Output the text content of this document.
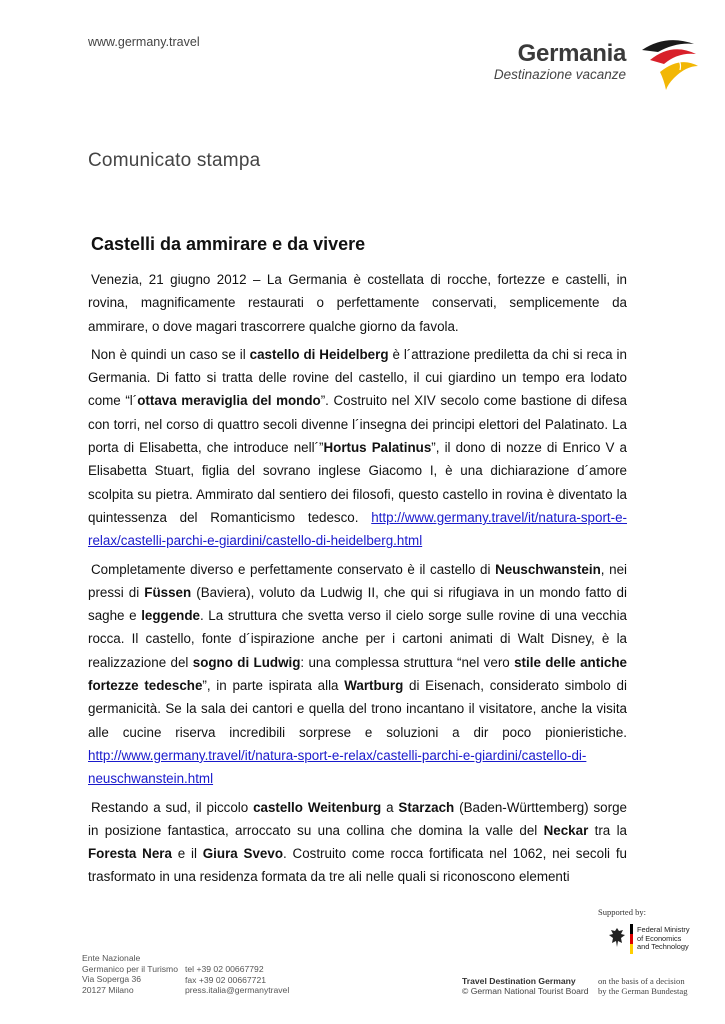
www.germany.travel	Germania
Destinazione vacanze
Comunicato stampa
Castelli da ammirare e da vivere

Venezia, 21 giugno 2012 – La Germania è costellata di rocche, fortezze e castelli, in rovina, magnificamente restaurati o perfettamente conservati, semplicemente da ammirare, o dove magari trascorrere qualche giorno da favola.

Non è quindi un caso se il castello di Heidelberg è l´attrazione prediletta da chi si reca in Germania. Di fatto si tratta delle rovine del castello, il cui giardino un tempo era lodato come “l´ottava meraviglia del mondo”. Costruito nel XIV secolo come bastione di difesa con torri, nel corso di quattro secoli divenne l´insegna dei principi elettori del Palatinato. La porta di Elisabetta, che introduce nell´”Hortus Palatinus”, il dono di nozze di Enrico V a Elisabetta Stuart, figlia del sovrano inglese Giacomo I, è una dichiarazione d´amore scolpita su pietra. Ammirato dal sentiero dei filosofi, questo castello in rovina è diventato la quintessenza del Romanticismo tedesco. http://www.germany.travel/it/natura-sport-e-relax/castelli-parchi-e-giardini/castello-di-heidelberg.html

Completamente diverso e perfettamente conservato è il castello di Neuschwanstein, nei pressi di Füssen (Baviera), voluto da Ludwig II, che qui si rifugiava in un mondo fatto di saghe e leggende. La struttura che svetta verso il cielo sorge sulle rovine di una vecchia rocca. Il castello, fonte d´ispirazione anche per i cartoni animati di Walt Disney, è la realizzazione del sogno di Ludwig: una complessa struttura “nel vero stile delle antiche fortezze tedesche”, in parte ispirata alla Wartburg di Eisenach, considerato simbolo di germanicità. Se la sala dei cantori e quella del trono incantano il visitatore, anche la visita alle cucine riserva incredibili sorprese e soluzioni a dir poco pionieristiche. http://www.germany.travel/it/natura-sport-e-relax/castelli-parchi-e-giardini/castello-di-neuschwanstein.html

Restando a sud, il piccolo castello Weitenburg a Starzach (Baden-Württemberg) sorge in posizione fantastica, arroccato su una collina che domina la valle del Neckar tra la Foresta Nera e il Giura Svevo. Costruito come rocca fortificata nel 1062, nei secoli fu trasformato in una residenza formata da tre ali nelle quali si riconoscono elementi

Supported by:
Federal Ministry
of Economics
and Technology
Ente Nazionale
Germanico per il Turismo
Via Soperga 36
20127 Milano
tel +39 02 00667792
fax +39 02 00667721
press.italia@germanytravel
Travel Destination Germany
© German National Tourist Board
on the basis of a decision
by the German Bundestag
